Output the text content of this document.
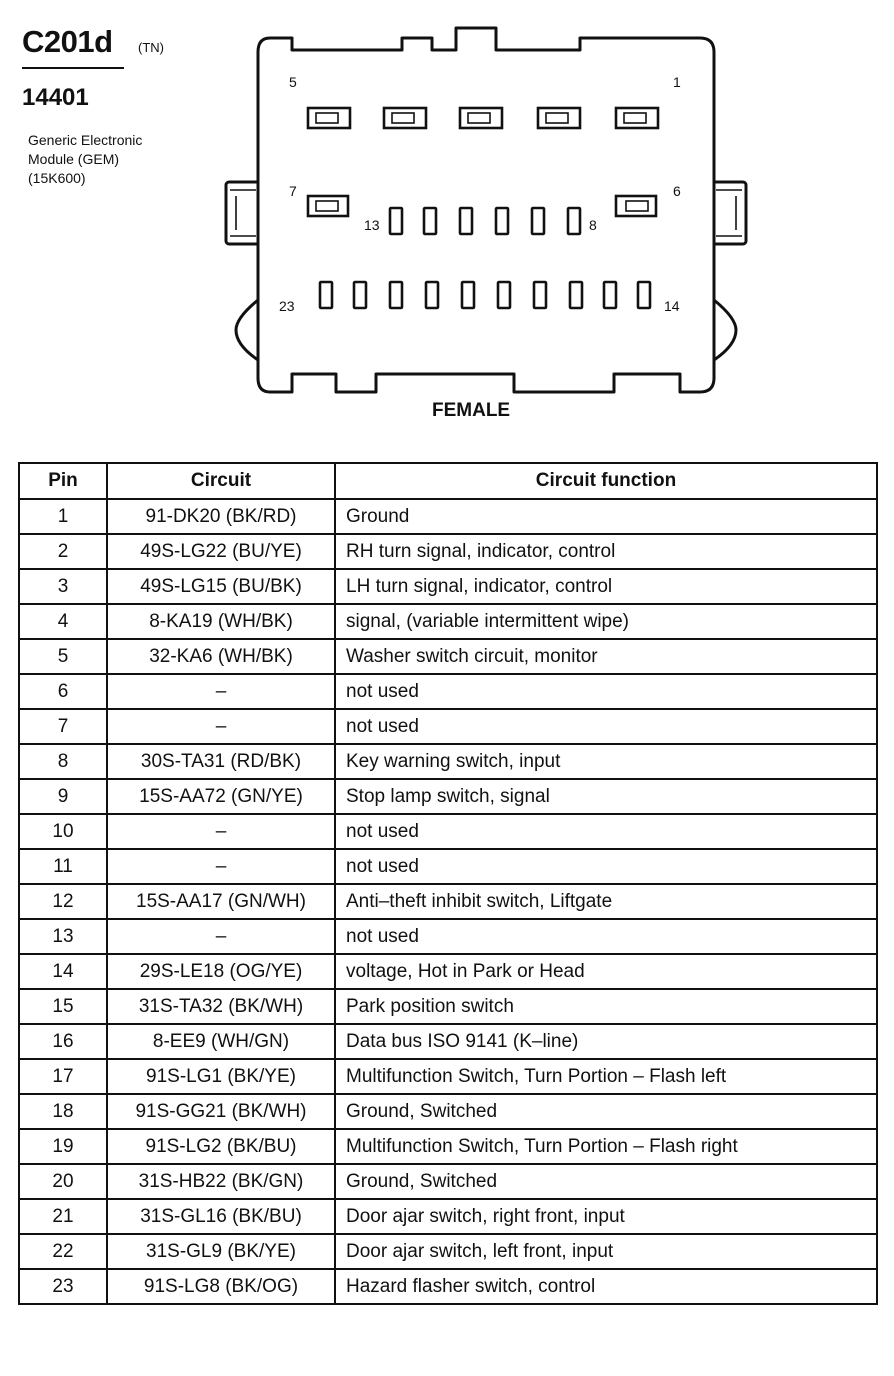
C201d (TN)
14401
Generic Electronic
Module (GEM)
(15K600)
5	1
7	6
13	8
23	14
FEMALE
Pin	Circuit	Circuit function
1	91-DK20 (BK/RD)	Ground
2	49S-LG22 (BU/YE)	RH turn signal, indicator, control
3	49S-LG15 (BU/BK)	LH turn signal, indicator, control
4	8-KA19 (WH/BK)	signal, (variable intermittent wipe)
5	32-KA6 (WH/BK)	Washer switch circuit, monitor
6	–	not used
7	–	not used
8	30S-TA31 (RD/BK)	Key warning switch, input
9	15S-AA72 (GN/YE)	Stop lamp switch, signal
10	–	not used
11	–	not used
12	15S-AA17 (GN/WH)	Anti–theft inhibit switch, Liftgate
13	–	not used
14	29S-LE18 (OG/YE)	voltage, Hot in Park or Head
15	31S-TA32 (BK/WH)	Park position switch
16	8-EE9 (WH/GN)	Data bus ISO 9141 (K–line)
17	91S-LG1 (BK/YE)	Multifunction Switch, Turn Portion – Flash left
18	91S-GG21 (BK/WH)	Ground, Switched
19	91S-LG2 (BK/BU)	Multifunction Switch, Turn Portion – Flash right
20	31S-HB22 (BK/GN)	Ground, Switched
21	31S-GL16 (BK/BU)	Door ajar switch, right front, input
22	31S-GL9 (BK/YE)	Door ajar switch, left front, input
23	91S-LG8 (BK/OG)	Hazard flasher switch, control
